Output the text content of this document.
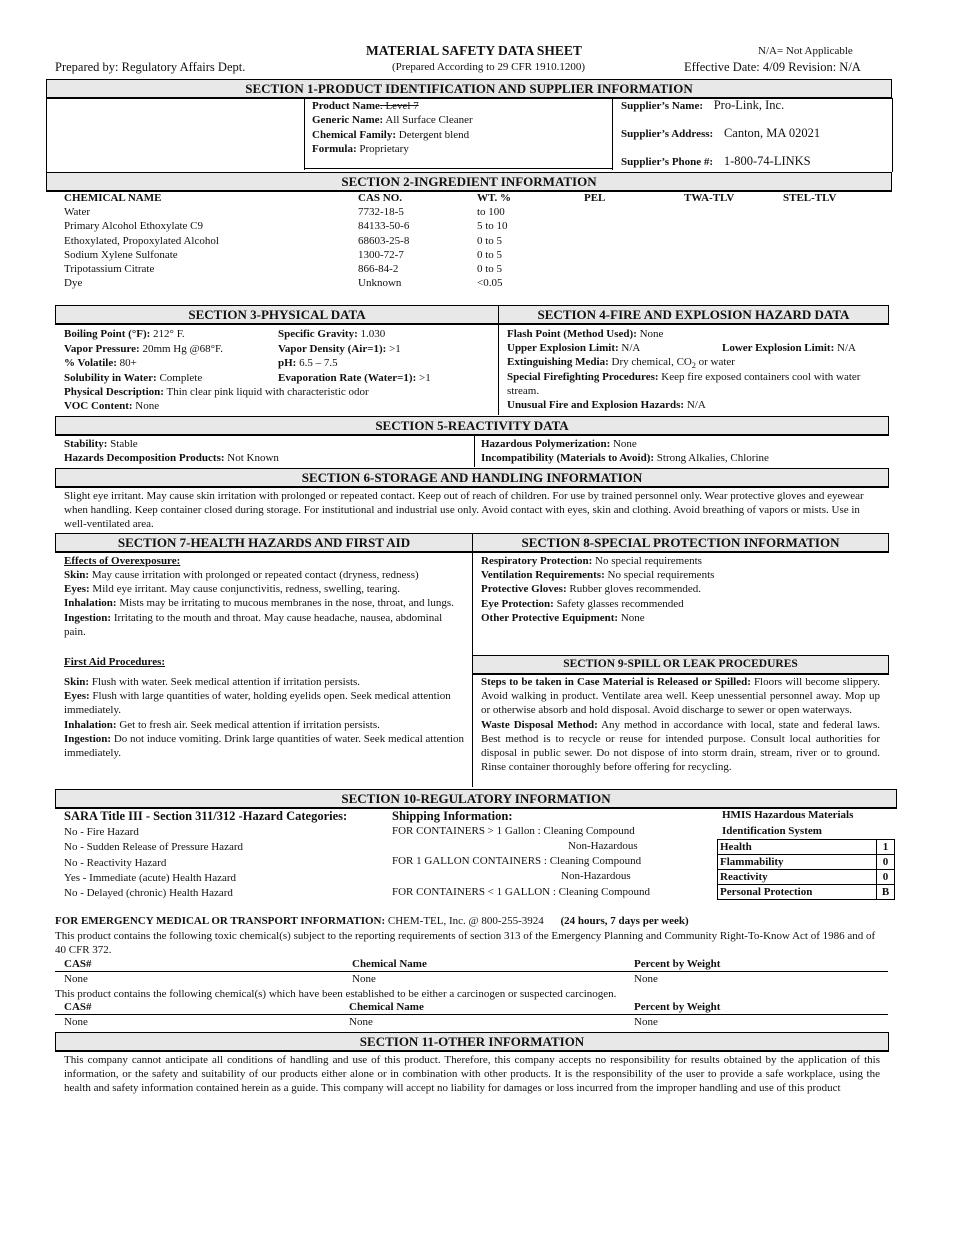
MATERIAL SAFETY DATA SHEET
(Prepared According to 29 CFR 1910.1200)
Prepared by: Regulatory Affairs Dept.
N/A= Not Applicable
Effective Date: 4/09 Revision: N/A
SECTION 1-PRODUCT IDENTIFICATION AND SUPPLIER INFORMATION
Product Name. Level 7
Generic Name: All Surface Cleaner
Chemical Family: Detergent blend
Formula: Proprietary
Supplier’s Name: Pro-Link, Inc.
Supplier’s Address: Canton, MA 02021
Supplier’s Phone #: 1-800-74-LINKS
SECTION 2-INGREDIENT INFORMATION
CHEMICAL NAME	CAS NO.	WT. %	PEL	TWA-TLV	STEL-TLV
Water	7732-18-5	to 100			
Primary Alcohol Ethoxylate C9	84133-50-6	5 to 10			
Ethoxylated, Propoxylated Alcohol	68603-25-8	0 to 5			
Sodium Xylene Sulfonate	1300-72-7	0 to 5			
Tripotassium Citrate	866-84-2	0 to 5			
Dye	Unknown	<0.05			
SECTION 3-PHYSICAL DATA	SECTION 4-FIRE AND EXPLOSION HAZARD DATA
Boiling Point (°F): 212° F.	Specific Gravity: 1.030
Vapor Pressure: 20mm Hg @68°F.	Vapor Density (Air=1): >1
% Volatile: 80+	pH: 6.5 – 7.5
Solubility in Water: Complete	Evaporation Rate (Water=1): >1
Physical Description: Thin clear pink liquid with characteristic odor
VOC Content: None
Flash Point (Method Used): None
Upper Explosion Limit: N/A	Lower Explosion Limit: N/A
Extinguishing Media: Dry chemical, $CO_2$ or water
Special Firefighting Procedures: Keep fire exposed containers cool with water stream.
Unusual Fire and Explosion Hazards: N/A
SECTION 5-REACTIVITY DATA
Stability: Stable
Hazards Decomposition Products: Not Known
Hazardous Polymerization: None
Incompatibility (Materials to Avoid): Strong Alkalies, Chlorine
SECTION 6-STORAGE AND HANDLING INFORMATION
Slight eye irritant. May cause skin irritation with prolonged or repeated contact. Keep out of reach of children. For use by trained personnel only. Wear protective gloves and eyewear when handling. Keep container closed during storage. For institutional and industrial use only. Avoid contact with eyes, skin and clothing. Avoid breathing of vapors or mists. Use in well-ventilated area.
SECTION 7-HEALTH HAZARDS AND FIRST AID	SECTION 8-SPECIAL PROTECTION INFORMATION
Effects of Overexposure:
Skin: May cause irritation with prolonged or repeated contact (dryness, redness)
Eyes: Mild eye irritant. May cause conjunctivitis, redness, swelling, tearing.
Inhalation: Mists may be irritating to mucous membranes in the nose, throat, and lungs.
Ingestion: Irritating to the mouth and throat. May cause headache, nausea, abdominal pain.
First Aid Procedures:
Skin: Flush with water. Seek medical attention if irritation persists.
Eyes: Flush with large quantities of water, holding eyelids open. Seek medical attention immediately.
Inhalation: Get to fresh air. Seek medical attention if irritation persists.
Ingestion: Do not induce vomiting. Drink large quantities of water. Seek medical attention immediately.
Respiratory Protection: No special requirements
Ventilation Requirements: No special requirements
Protective Gloves: Rubber gloves recommended.
Eye Protection: Safety glasses recommended
Other Protective Equipment: None
SECTION 9-SPILL OR LEAK PROCEDURES
Steps to be taken in Case Material is Released or Spilled: Floors will become slippery. Avoid walking in product. Ventilate area well. Keep unessential personnel away. Mop up or otherwise absorb and hold disposal. Avoid discharge to sewer or open waterways.
Waste Disposal Method: Any method in accordance with local, state and federal laws. Best method is to recycle or reuse for intended purpose. Consult local authorities for disposal in public sewer. Do not dispose of into storm drain, stream, river or to ground. Rinse container thoroughly before offering for recycling.
SECTION 10-REGULATORY INFORMATION
SARA Title III - Section 311/312 -Hazard Categories:
No - Fire Hazard
No - Sudden Release of Pressure Hazard
No - Reactivity Hazard
Yes - Immediate (acute) Health Hazard
No - Delayed (chronic) Health Hazard
Shipping Information:
FOR CONTAINERS > 1 Gallon : Cleaning Compound
Non-Hazardous
FOR 1 GALLON CONTAINERS : Cleaning Compound
Non-Hazardous
FOR CONTAINERS < 1 GALLON : Cleaning Compound
HMIS Hazardous Materials
Identification System
Health	1
Flammability	0
Reactivity	0
Personal Protection	B
FOR EMERGENCY MEDICAL OR TRANSPORT INFORMATION: CHEM-TEL, Inc. @ 800-255-3924 (24 hours, 7 days per week)
This product contains the following toxic chemical(s) subject to the reporting requirements of section 313 of the Emergency Planning and Community Right-To-Know Act of 1986 and of 40 CFR 372.
CAS#	Chemical Name	Percent by Weight
None	None	None
This product contains the following chemical(s) which have been established to be either a carcinogen or suspected carcinogen.
CAS#	Chemical Name	Percent by Weight
None	None	None
SECTION 11-OTHER INFORMATION
This company cannot anticipate all conditions of handling and use of this product. Therefore, this company accepts no responsibility for results obtained by the application of this information, or the safety and suitability of our products either alone or in combination with other products. It is the responsibility of the user to provide a safe workplace, using the health and safety information contained herein as a guide. This company will accept no liability for damages or loss incurred from the improper handling and use of this product
